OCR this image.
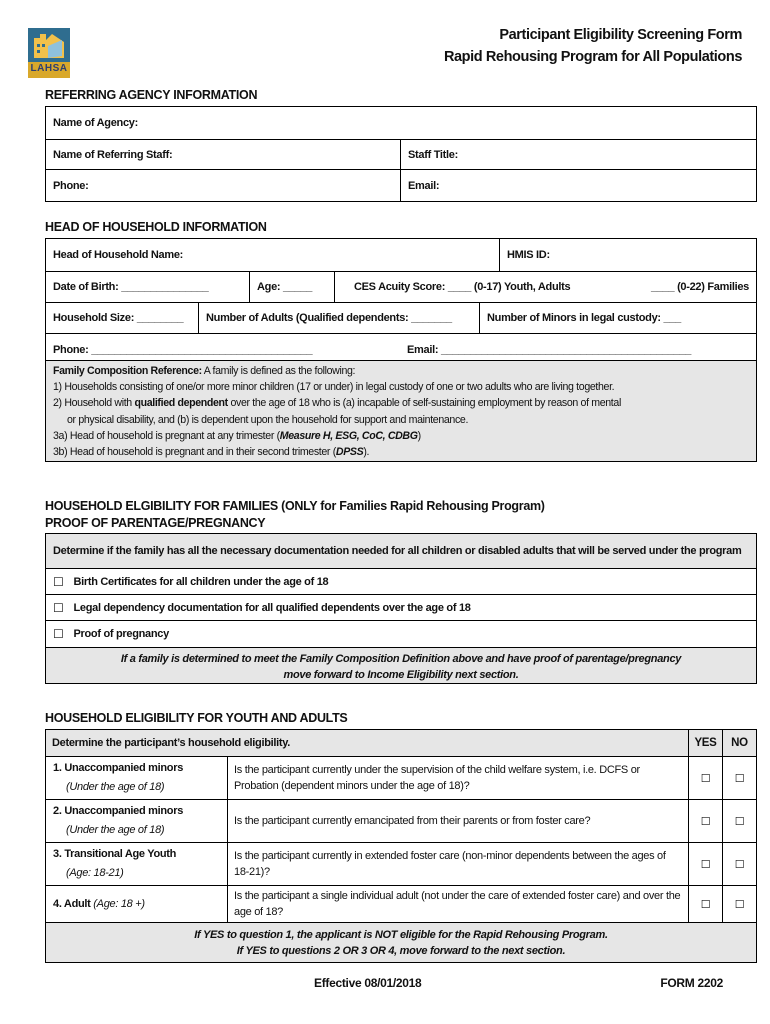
LAHSA
Participant Eligibility Screening Form
Rapid Rehousing Program for All Populations
REFERRING AGENCY INFORMATION
Name of Agency:
Name of Referring Staff:	Staff Title:
Phone:	Email:
HEAD OF HOUSEHOLD INFORMATION
Head of Household Name:	HMIS ID:
Date of Birth: _______________	Age: _____	CES Acuity Score: ____ (0-17) Youth, Adults	____ (0-22) Families
Household Size: ________	Number of Adults (Qualified dependents: _______	Number of Minors in legal custody: ___
Phone: ______________________________________	Email: ___________________________________________
Family Composition Reference: A family is defined as the following:
1) Households consisting of one/or more minor children (17 or under) in legal custody of one or two adults who are living together.
2) Household with qualified dependent over the age of 18 who is (a) incapable of self-sustaining employment by reason of mental
or physical disability, and (b) is dependent upon the household for support and maintenance.
3a) Head of household is pregnant at any trimester (Measure H, ESG, CoC, CDBG)
3b) Head of household is pregnant and in their second trimester (DPSS).
HOUSEHOLD ELGIBILITY FOR FAMILIES (ONLY for Families Rapid Rehousing Program)
PROOF OF PARENTAGE/PREGNANCY
Determine if the family has all the necessary documentation needed for all children or disabled adults that will be served under the program
☐ Birth Certificates for all children under the age of 18
☐ Legal dependency documentation for all qualified dependents over the age of 18
☐ Proof of pregnancy
If a family is determined to meet the Family Composition Definition above and have proof of parentage/pregnancy
move forward to Income Eligibility next section.
HOUSEHOLD ELIGIBILITY FOR YOUTH AND ADULTS
Determine the participant’s household eligibility.		YES	NO

1. Unaccompanied minors
(Under the age of 18)	Is the participant currently under the supervision of the child welfare system, i.e. DCFS or Probation (dependent minors under the age of 18)?	☐	☐

2. Unaccompanied minors
(Under the age of 18)	Is the participant currently emancipated from their parents or from foster care?	☐	☐

3. Transitional Age Youth
(Age: 18-21)	Is the participant currently in extended foster care (non-minor dependents between the ages of 18-21)?	☐	☐
4. Adult (Age: 18 +)	Is the participant a single individual adult (not under the care of extended foster care) and over the age of 18?	☐	☐

If YES to question 1, the applicant is NOT eligible for the Rapid Rehousing Program.
If YES to questions 2 OR 3 OR 4, move forward to the next section.			
Effective 08/01/2018	FORM 2202
